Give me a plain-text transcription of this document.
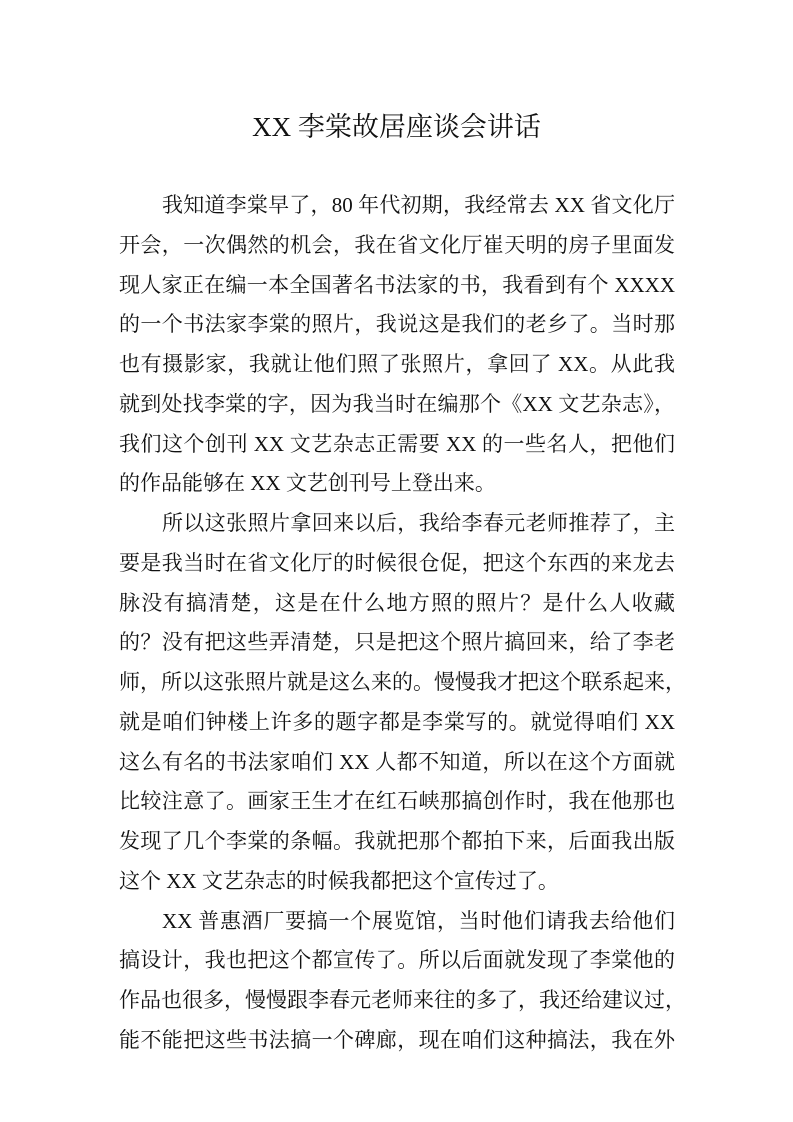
XX 李棠故居座谈会讲话
我知道李棠早了，80 年代初期，我经常去 XX 省文化厅
开会，一次偶然的机会，我在省文化厅崔天明的房子里面发
现人家正在编一本全国著名书法家的书，我看到有个 XXXX
的一个书法家李棠的照片，我说这是我们的老乡了。当时那
也有摄影家，我就让他们照了张照片，拿回了 XX。从此我
就到处找李棠的字，因为我当时在编那个《XX 文艺杂志》，
我们这个创刊 XX 文艺杂志正需要 XX 的一些名人，把他们
的作品能够在 XX 文艺创刊号上登出来。
所以这张照片拿回来以后，我给李春元老师推荐了，主
要是我当时在省文化厅的时候很仓促，把这个东西的来龙去
脉没有搞清楚，这是在什么地方照的照片？是什么人收藏
的？没有把这些弄清楚，只是把这个照片搞回来，给了李老
师，所以这张照片就是这么来的。慢慢我才把这个联系起来，
就是咱们钟楼上许多的题字都是李棠写的。就觉得咱们 XX
这么有名的书法家咱们 XX 人都不知道，所以在这个方面就
比较注意了。画家王生才在红石峡那搞创作时，我在他那也
发现了几个李棠的条幅。我就把那个都拍下来，后面我出版
这个 XX 文艺杂志的时候我都把这个宣传过了。
XX 普惠酒厂要搞一个展览馆，当时他们请我去给他们
搞设计，我也把这个都宣传了。所以后面就发现了李棠他的
作品也很多，慢慢跟李春元老师来往的多了，我还给建议过，
能不能把这些书法搞一个碑廊，现在咱们这种搞法，我在外
